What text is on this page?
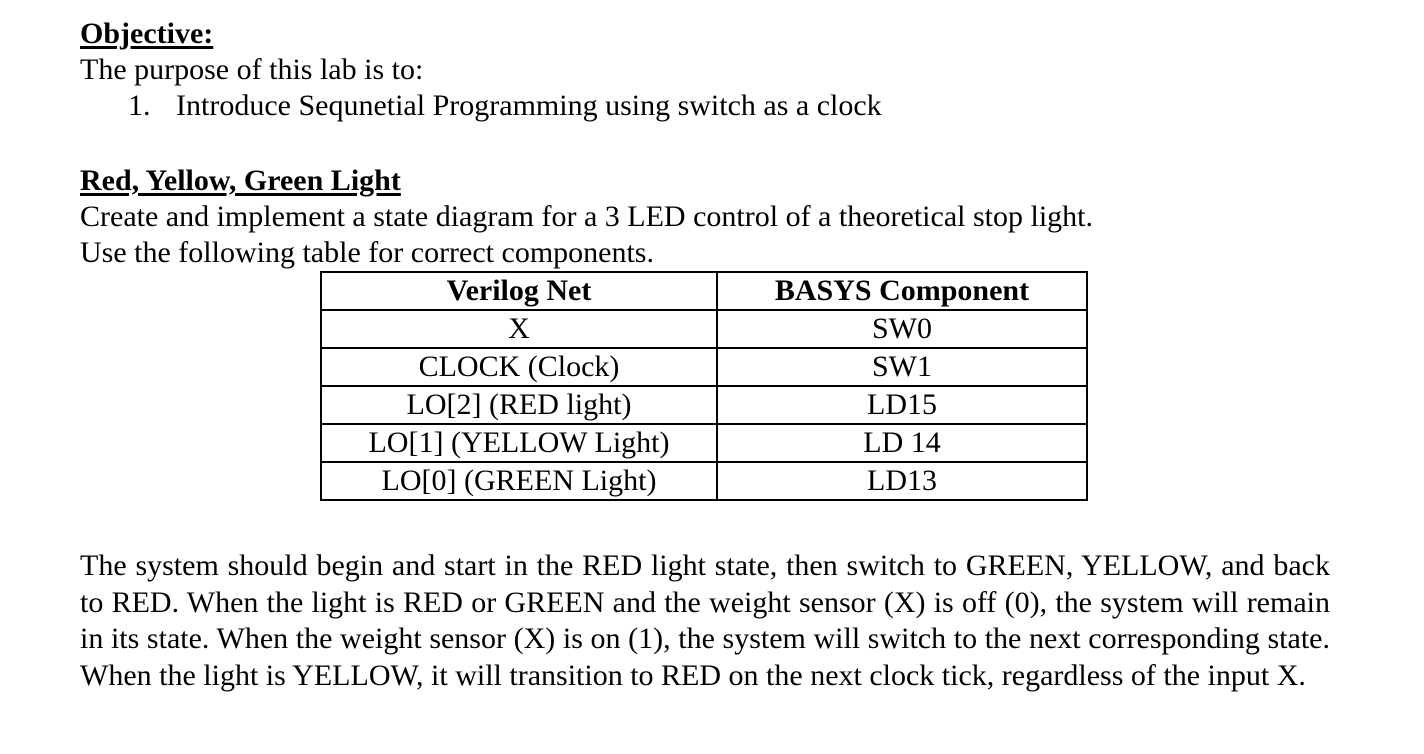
Objective:
The purpose of this lab is to:
1. Introduce Sequnetial Programming using switch as a clock
Red, Yellow, Green Light
Create and implement a state diagram for a 3 LED control of a theoretical stop light.
Use the following table for correct components.
Verilog Net	BASYS Component
X	SW0
CLOCK (Clock)	SW1
LO[2] (RED light)	LD15
LO[1] (YELLOW Light)	LD 14
LO[0] (GREEN Light)	LD13
The system should begin and start in the RED light state, then switch to GREEN, YELLOW, and back to RED. When the light is RED or GREEN and the weight sensor (X) is off (0), the system will remain in its state. When the weight sensor (X) is on (1), the system will switch to the next corresponding state. When the light is YELLOW, it will transition to RED on the next clock tick, regardless of the input X.
